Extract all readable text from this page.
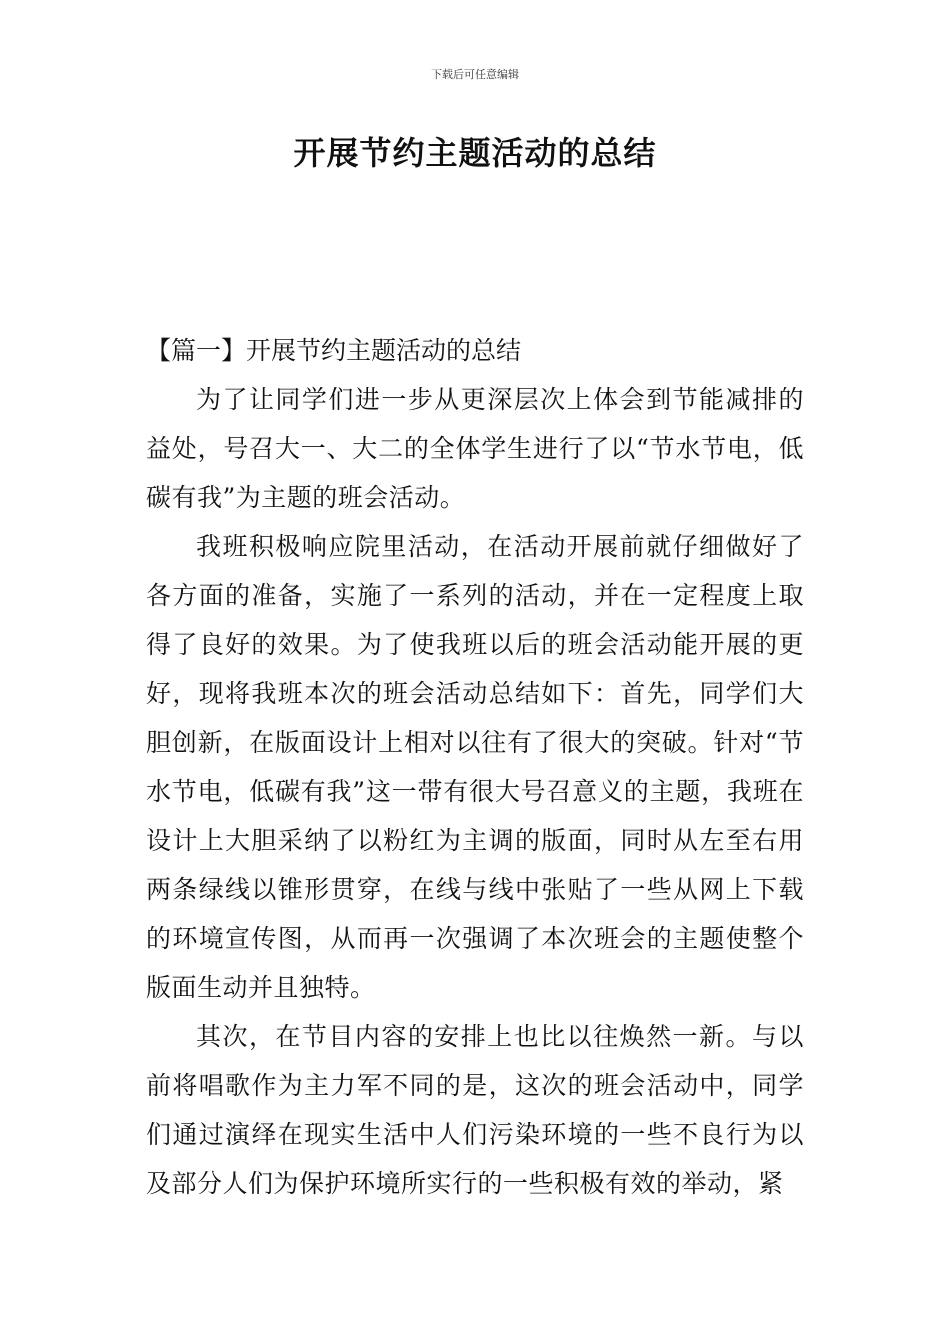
下载后可任意编辑
开展节约主题活动的总结

【篇一】开展节约主题活动的总结

为了让同学们进一步从更深层次上体会到节能减排的益处，号召大一、大二的全体学生进行了以“节水节电，低碳有我”为主题的班会活动。

我班积极响应院里活动，在活动开展前就仔细做好了各方面的准备，实施了一系列的活动，并在一定程度上取得了良好的效果。为了使我班以后的班会活动能开展的更好，现将我班本次的班会活动总结如下：首先，同学们大胆创新，在版面设计上相对以往有了很大的突破。针对“节水节电，低碳有我”这一带有很大号召意义的主题，我班在设计上大胆采纳了以粉红为主调的版面，同时从左至右用两条绿线以锥形贯穿，在线与线中张贴了一些从网上下载的环境宣传图，从而再一次强调了本次班会的主题使整个版面生动并且独特。

其次，在节目内容的安排上也比以往焕然一新。与以前将唱歌作为主力军不同的是，这次的班会活动中，同学们通过演绎在现实生活中人们污染环境的一些不良行为以及部分人们为保护环境所实行的一些积极有效的举动，紧
